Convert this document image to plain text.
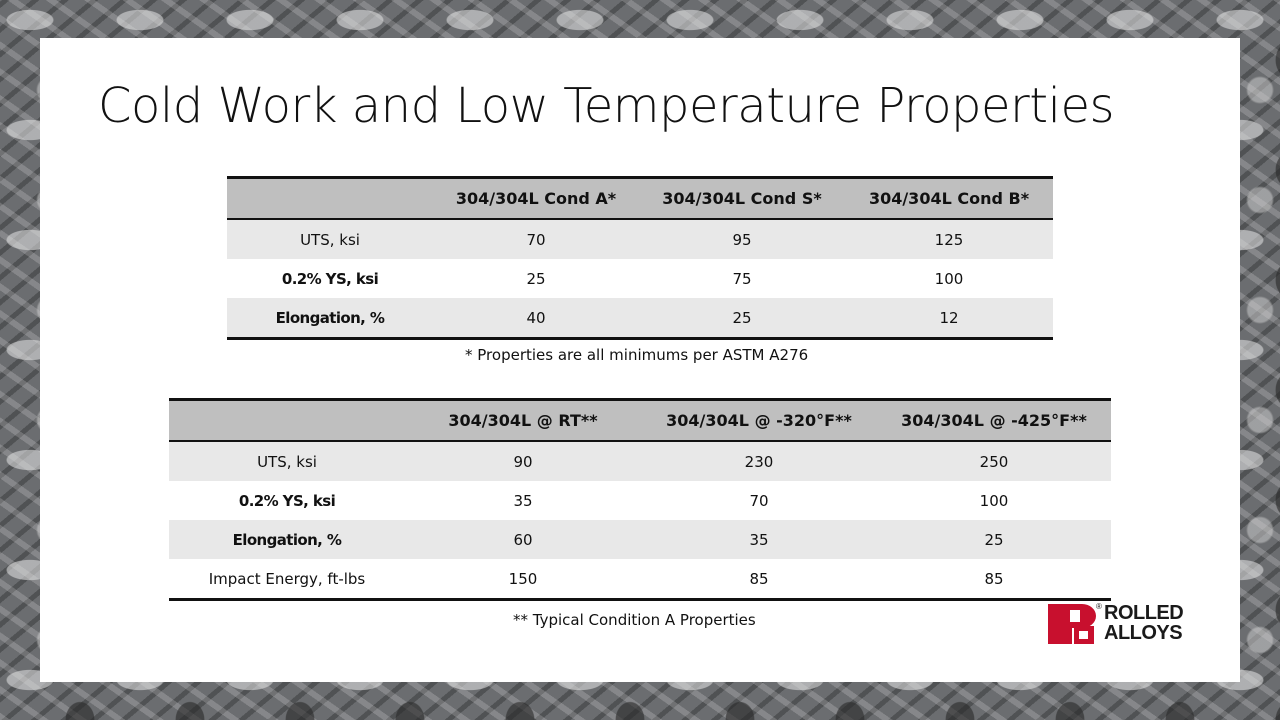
Cold Work and Low Temperature Properties
	304/304L Cond A*	304/304L Cond S*	304/304L Cond B*
UTS, ksi	70	95	125
0.2% YS, ksi	25	75	100
Elongation, %	40	25	12
* Properties are all minimums per ASTM A276
	304/304L @ RT**	304/304L @ -320°F**	304/304L @ -425°F**
UTS, ksi	90	230	250
0.2% YS, ksi	35	70	100
Elongation, %	60	35	25
Impact Energy, ft-lbs	150	85	85
** Typical Condition A Properties
® ROLLED
ALLOYS
